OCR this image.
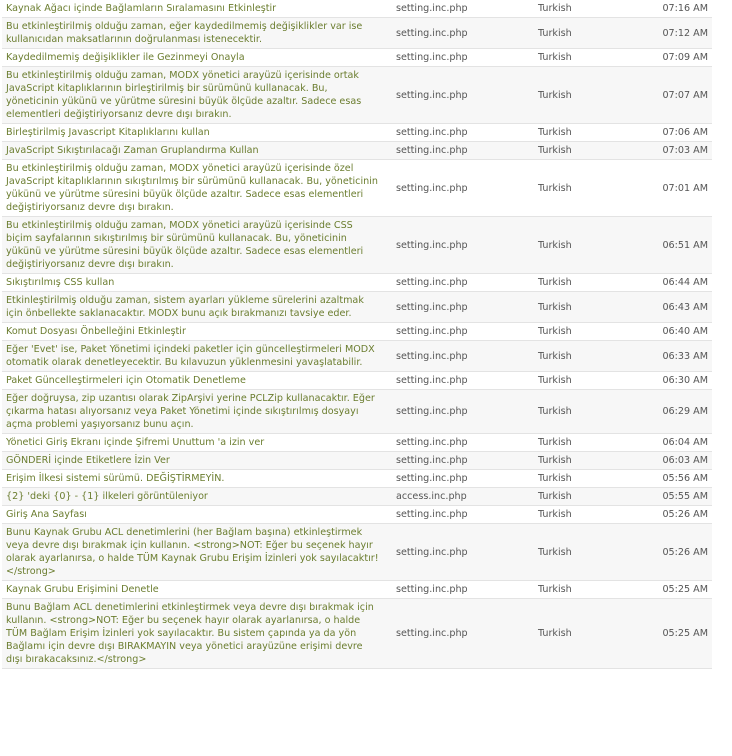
Kaynak Ağacı içinde Bağlamların Sıralamasını Etkinleştir	setting.inc.php	Turkish	07:16 AM
Bu etkinleştirilmiş olduğu zaman, eğer kaydedilmemiş değişiklikler var ise kullanıcıdan maksatlarının doğrulanması istenecektir.	setting.inc.php	Turkish	07:12 AM
Kaydedilmemiş değişiklikler ile Gezinmeyi Onayla	setting.inc.php	Turkish	07:09 AM
Bu etkinleştirilmiş olduğu zaman, MODX yönetici arayüzü içerisinde ortak JavaScript kitaplıklarının birleştirilmiş bir sürümünü kullanacak. Bu, yöneticinin yükünü ve yürütme süresini büyük ölçüde azaltır. Sadece esas elementleri değiştiriyorsanız devre dışı bırakın.	setting.inc.php	Turkish	07:07 AM
Birleştirilmiş Javascript Kitaplıklarını kullan	setting.inc.php	Turkish	07:06 AM
JavaScript Sıkıştırılacağı Zaman Gruplandırma Kullan	setting.inc.php	Turkish	07:03 AM
Bu etkinleştirilmiş olduğu zaman, MODX yönetici arayüzü içerisinde özel JavaScript kitaplıklarının sıkıştırılmış bir sürümünü kullanacak. Bu, yöneticinin yükünü ve yürütme süresini büyük ölçüde azaltır. Sadece esas elementleri değiştiriyorsanız devre dışı bırakın.	setting.inc.php	Turkish	07:01 AM
Bu etkinleştirilmiş olduğu zaman, MODX yönetici arayüzü içerisinde CSS biçim sayfalarının sıkıştırılmış bir sürümünü kullanacak. Bu, yöneticinin yükünü ve yürütme süresini büyük ölçüde azaltır. Sadece esas elementleri değiştiriyorsanız devre dışı bırakın.	setting.inc.php	Turkish	06:51 AM
Sıkıştırılmış CSS kullan	setting.inc.php	Turkish	06:44 AM
Etkinleştirilmiş olduğu zaman, sistem ayarları yükleme sürelerini azaltmak için önbellekte saklanacaktır. MODX bunu açık bırakmanızı tavsiye eder.	setting.inc.php	Turkish	06:43 AM
Komut Dosyası Önbelleğini Etkinleştir	setting.inc.php	Turkish	06:40 AM
Eğer 'Evet' ise, Paket Yönetimi içindeki paketler için güncelleştirmeleri MODX otomatik olarak denetleyecektir. Bu kılavuzun yüklenmesini yavaşlatabilir.	setting.inc.php	Turkish	06:33 AM
Paket Güncelleştirmeleri için Otomatik Denetleme	setting.inc.php	Turkish	06:30 AM
Eğer doğruysa, zip uzantısı olarak ZipArşivi yerine PCLZip kullanacaktır. Eğer çıkarma hatası alıyorsanız veya Paket Yönetimi içinde sıkıştırılmış dosyayı açma problemi yaşıyorsanız bunu açın.	setting.inc.php	Turkish	06:29 AM
Yönetici Giriş Ekranı içinde Şifremi Unuttum 'a izin ver	setting.inc.php	Turkish	06:04 AM
GÖNDERİ içinde Etiketlere İzin Ver	setting.inc.php	Turkish	06:03 AM
Erişim İlkesi sistemi sürümü. DEĞİŞTİRMEYİN.	setting.inc.php	Turkish	05:56 AM
{2} 'deki {0} - {1} ilkeleri görüntüleniyor	access.inc.php	Turkish	05:55 AM
Giriş Ana Sayfası	setting.inc.php	Turkish	05:26 AM
Bunu Kaynak Grubu ACL denetimlerini (her Bağlam başına) etkinleştirmek veya devre dışı bırakmak için kullanın. <strong>NOT: Eğer bu seçenek hayır olarak ayarlanırsa, o halde TÜM Kaynak Grubu Erişim İzinleri yok sayılacaktır! </strong>	setting.inc.php	Turkish	05:26 AM
Kaynak Grubu Erişimini Denetle	setting.inc.php	Turkish	05:25 AM
Bunu Bağlam ACL denetimlerini etkinleştirmek veya devre dışı bırakmak için kullanın. <strong>NOT: Eğer bu seçenek hayır olarak ayarlanırsa, o halde TÜM Bağlam Erişim İzinleri yok sayılacaktır. Bu sistem çapında ya da yön Bağlamı için devre dışı BIRAKMAYIN veya yönetici arayüzüne erişimi devre dışı bırakacaksınız.</strong>	setting.inc.php	Turkish	05:25 AM
